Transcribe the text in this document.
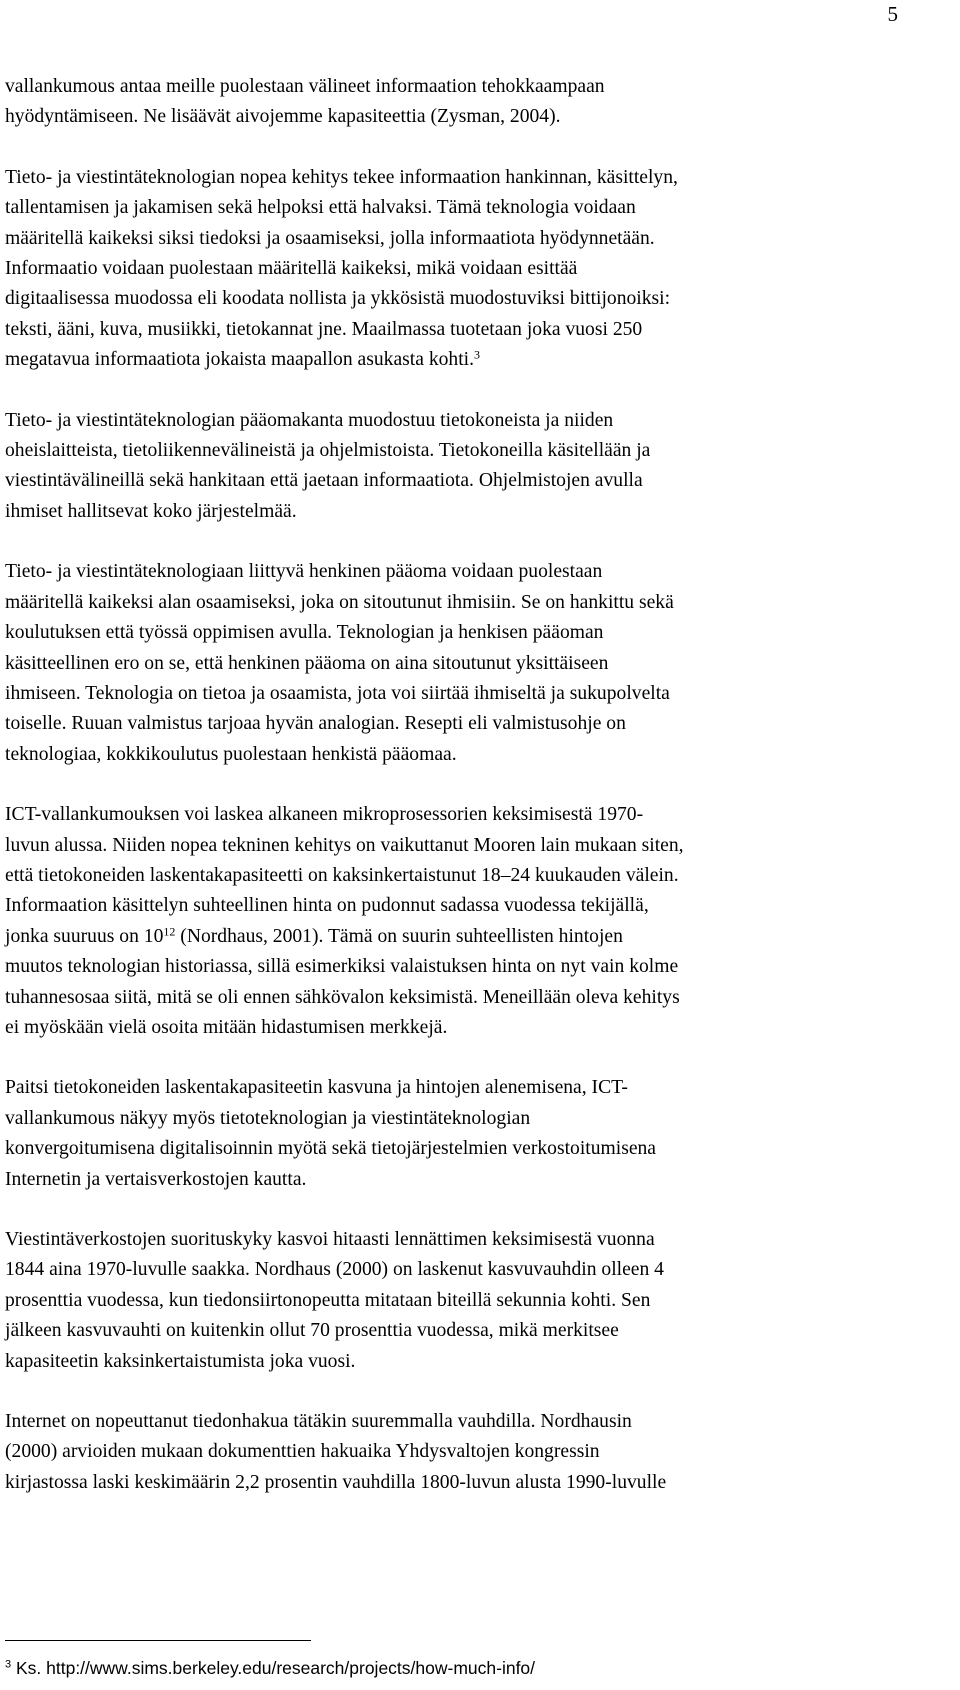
5
vallankumous antaa meille puolestaan välineet informaation tehokkaampaan
hyödyntämiseen. Ne lisäävät aivojemme kapasiteettia (Zysman, 2004).
Tieto- ja viestintäteknologian nopea kehitys tekee informaation hankinnan, käsittelyn,
tallentamisen ja jakamisen sekä helpoksi että halvaksi. Tämä teknologia voidaan
määritellä kaikeksi siksi tiedoksi ja osaamiseksi, jolla informaatiota hyödynnetään.
Informaatio voidaan puolestaan määritellä kaikeksi, mikä voidaan esittää
digitaalisessa muodossa eli koodata nollista ja ykkösistä muodostuviksi bittijonoiksi:
teksti, ääni, kuva, musiikki, tietokannat jne. Maailmassa tuotetaan joka vuosi 250
megatavua informaatiota jokaista maapallon asukasta kohti.$^3$
Tieto- ja viestintäteknologian pääomakanta muodostuu tietokoneista ja niiden
oheislaitteista, tietoliikennevälineistä ja ohjelmistoista. Tietokoneilla käsitellään ja
viestintävälineillä sekä hankitaan että jaetaan informaatiota. Ohjelmistojen avulla
ihmiset hallitsevat koko järjestelmää.
Tieto- ja viestintäteknologiaan liittyvä henkinen pääoma voidaan puolestaan
määritellä kaikeksi alan osaamiseksi, joka on sitoutunut ihmisiin. Se on hankittu sekä
koulutuksen että työssä oppimisen avulla. Teknologian ja henkisen pääoman
käsitteellinen ero on se, että henkinen pääoma on aina sitoutunut yksittäiseen
ihmiseen. Teknologia on tietoa ja osaamista, jota voi siirtää ihmiseltä ja sukupolvelta
toiselle. Ruuan valmistus tarjoaa hyvän analogian. Resepti eli valmistusohje on
teknologiaa, kokkikoulutus puolestaan henkistä pääomaa.
ICT-vallankumouksen voi laskea alkaneen mikroprosessorien keksimisestä 1970-
luvun alussa. Niiden nopea tekninen kehitys on vaikuttanut Mooren lain mukaan siten,
että tietokoneiden laskentakapasiteetti on kaksinkertaistunut 18–24 kuukauden välein.
Informaation käsittelyn suhteellinen hinta on pudonnut sadassa vuodessa tekijällä,
jonka suuruus on $10^{12}$ (Nordhaus, 2001). Tämä on suurin suhteellisten hintojen
muutos teknologian historiassa, sillä esimerkiksi valaistuksen hinta on nyt vain kolme
tuhannesosaa siitä, mitä se oli ennen sähkövalon keksimistä. Meneillään oleva kehitys
ei myöskään vielä osoita mitään hidastumisen merkkejä.
Paitsi tietokoneiden laskentakapasiteetin kasvuna ja hintojen alenemisena, ICT-
vallankumous näkyy myös tietoteknologian ja viestintäteknologian
konvergoitumisena digitalisoinnin myötä sekä tietojärjestelmien verkostoitumisena
Internetin ja vertaisverkostojen kautta.
Viestintäverkostojen suorituskyky kasvoi hitaasti lennättimen keksimisestä vuonna
1844 aina 1970-luvulle saakka. Nordhaus (2000) on laskenut kasvuvauhdin olleen 4
prosenttia vuodessa, kun tiedonsiirtonopeutta mitataan biteillä sekunnia kohti. Sen
jälkeen kasvuvauhti on kuitenkin ollut 70 prosenttia vuodessa, mikä merkitsee
kapasiteetin kaksinkertaistumista joka vuosi.
Internet on nopeuttanut tiedonhakua tätäkin suuremmalla vauhdilla. Nordhausin
(2000) arvioiden mukaan dokumenttien hakuaika Yhdysvaltojen kongressin
kirjastossa laski keskimäärin 2,2 prosentin vauhdilla 1800-luvun alusta 1990-luvulle
$^3$ Ks. http://www.sims.berkeley.edu/research/projects/how-much-info/
